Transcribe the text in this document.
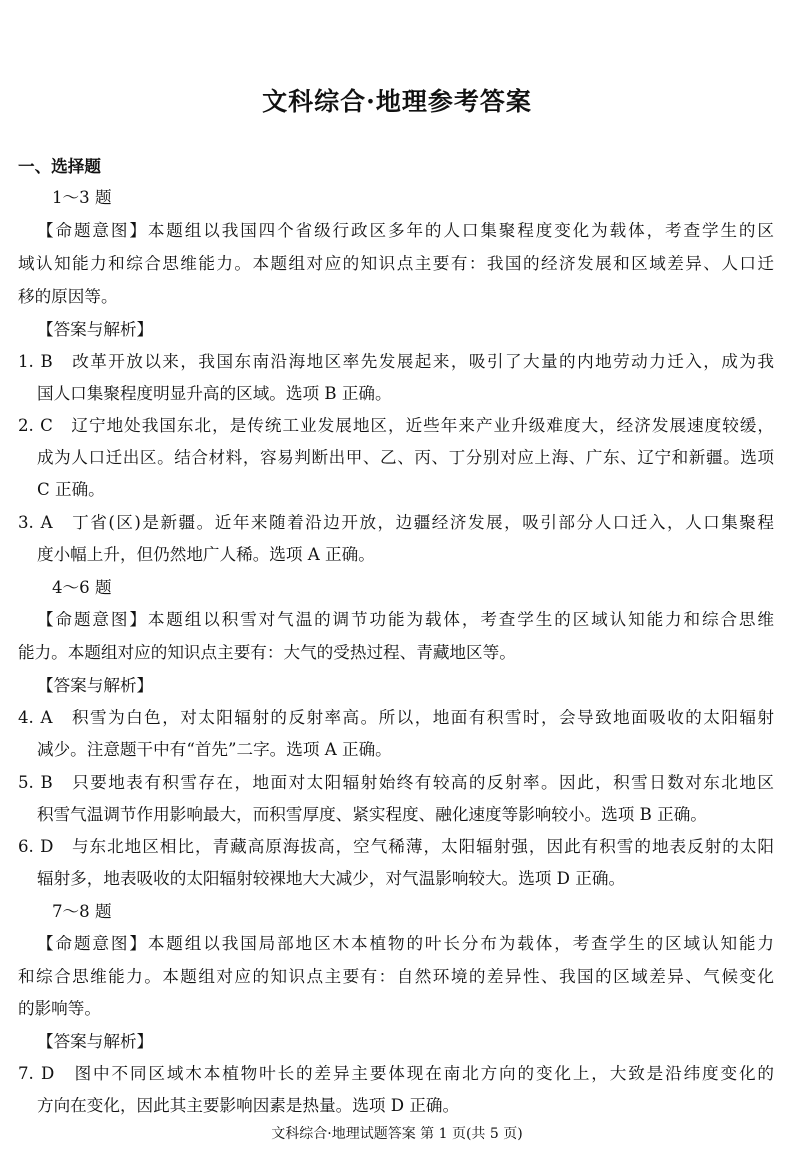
文科综合·地理参考答案

一、选择题

1～3 题

【命题意图】本题组以我国四个省级行政区多年的人口集聚程度变化为载体，考查学生的区

域认知能力和综合思维能力。本题组对应的知识点主要有：我国的经济发展和区域差异、人口迁

移的原因等。

【答案与解析】

1. B　改革开放以来，我国东南沿海地区率先发展起来，吸引了大量的内地劳动力迁入，成为我

国人口集聚程度明显升高的区域。选项 B 正确。

2. C　辽宁地处我国东北，是传统工业发展地区，近些年来产业升级难度大，经济发展速度较缓，

成为人口迁出区。结合材料，容易判断出甲、乙、丙、丁分别对应上海、广东、辽宁和新疆。选项

C 正确。

3. A　丁省(区)是新疆。近年来随着沿边开放，边疆经济发展，吸引部分人口迁入，人口集聚程

度小幅上升，但仍然地广人稀。选项 A 正确。

4～6 题

【命题意图】本题组以积雪对气温的调节功能为载体，考查学生的区域认知能力和综合思维

能力。本题组对应的知识点主要有：大气的受热过程、青藏地区等。

【答案与解析】

4. A　积雪为白色，对太阳辐射的反射率高。所以，地面有积雪时，会导致地面吸收的太阳辐射

减少。注意题干中有“首先”二字。选项 A 正确。

5. B　只要地表有积雪存在，地面对太阳辐射始终有较高的反射率。因此，积雪日数对东北地区

积雪气温调节作用影响最大，而积雪厚度、紧实程度、融化速度等影响较小。选项 B 正确。

6. D　与东北地区相比，青藏高原海拔高，空气稀薄，太阳辐射强，因此有积雪的地表反射的太阳

辐射多，地表吸收的太阳辐射较裸地大大减少，对气温影响较大。选项 D 正确。

7～8 题

【命题意图】本题组以我国局部地区木本植物的叶长分布为载体，考查学生的区域认知能力

和综合思维能力。本题组对应的知识点主要有：自然环境的差异性、我国的区域差异、气候变化

的影响等。

【答案与解析】

7. D　图中不同区域木本植物叶长的差异主要体现在南北方向的变化上，大致是沿纬度变化的

方向在变化，因此其主要影响因素是热量。选项 D 正确。

文科综合·地理试题答案 第 1 页(共 5 页)
